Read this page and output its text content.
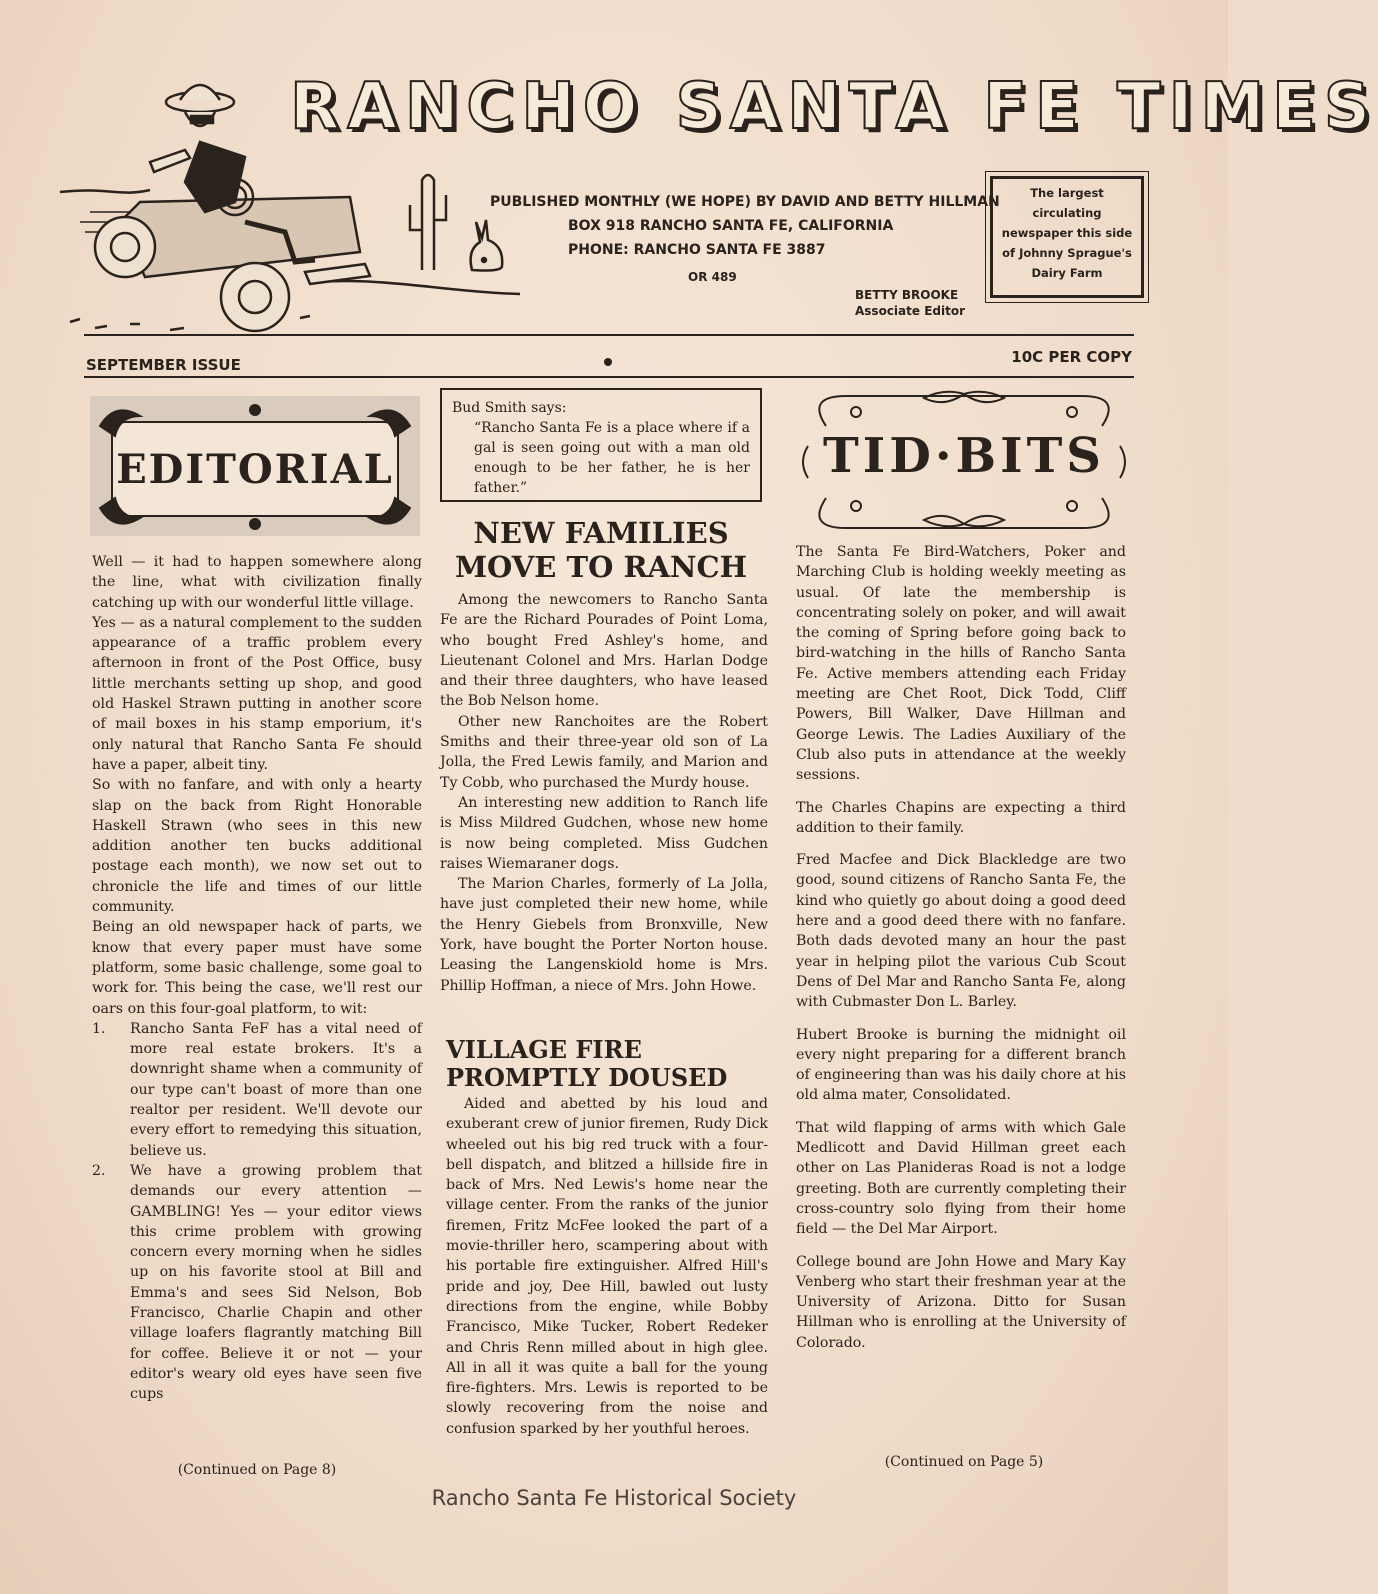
RANCHO SANTA FE TIMES
PUBLISHED MONTHLY (WE HOPE) BY DAVID AND BETTY HILLMAN
BOX 918 RANCHO SANTA FE, CALIFORNIA
PHONE: RANCHO SANTA FE 3887
OR 489
BETTY BROOKE
Associate Editor
The largest circulating newspaper this side of Johnny Sprague's Dairy Farm
SEPTEMBER ISSUE	10C PER COPY
EDITORIAL

Well — it had to happen somewhere along the line, what with civilization finally catching up with our wonderful little village.

Yes — as a natural complement to the sudden appearance of a traffic problem every afternoon in front of the Post Office, busy little merchants setting up shop, and good old Haskel Strawn putting in another score of mail boxes in his stamp emporium, it's only natural that Rancho Santa Fe should have a paper, albeit tiny.

So with no fanfare, and with only a hearty slap on the back from Right Honorable Haskell Strawn (who sees in this new addition another ten bucks additional postage each month), we now set out to chronicle the life and times of our little community.

Being an old newspaper hack of parts, we know that every paper must have some platform, some basic challenge, some goal to work for. This being the case, we'll rest our oars on this four-goal platform, to wit:

1. Rancho Santa FeF has a vital need of more real estate brokers. It's a downright shame when a community of our type can't boast of more than one realtor per resident. We'll devote our every effort to remedying this situation, believe us.
2. We have a growing problem that demands our every attention — GAMBLING! Yes — your editor views this crime problem with growing concern every morning when he sidles up on his favorite stool at Bill and Emma's and sees Sid Nelson, Bob Francisco, Charlie Chapin and other village loafers flagrantly matching Bill for coffee. Believe it or not — your editor's weary old eyes have seen five cups
(Continued on Page 8)
Bud Smith says:
“Rancho Santa Fe is a place where if a gal is seen going out with a man old enough to be her father, he is her father.”
NEW FAMILIES
MOVE TO RANCH

Among the newcomers to Rancho Santa Fe are the Richard Pourades of Point Loma, who bought Fred Ashley's home, and Lieutenant Colonel and Mrs. Harlan Dodge and their three daughters, who have leased the Bob Nelson home.

Other new Ranchoites are the Robert Smiths and their three-year old son of La Jolla, the Fred Lewis family, and Marion and Ty Cobb, who purchased the Murdy house.

An interesting new addition to Ranch life is Miss Mildred Gudchen, whose new home is now being completed. Miss Gudchen raises Wiemaraner dogs.

The Marion Charles, formerly of La Jolla, have just completed their new home, while the Henry Giebels from Bronxville, New York, have bought the Porter Norton house. Leasing the Langenskiold home is Mrs. Phillip Hoffman, a niece of Mrs. John Howe.

VILLAGE FIRE
PROMPTLY DOUSED

Aided and abetted by his loud and exuberant crew of junior firemen, Rudy Dick wheeled out his big red truck with a four-bell dispatch, and blitzed a hillside fire in back of Mrs. Ned Lewis's home near the village center. From the ranks of the junior firemen, Fritz McFee looked the part of a movie-thriller hero, scampering about with his portable fire extinguisher. Alfred Hill's pride and joy, Dee Hill, bawled out lusty directions from the engine, while Bobby Francisco, Mike Tucker, Robert Redeker and Chris Renn milled about in high glee. All in all it was quite a ball for the young fire-fighters. Mrs. Lewis is reported to be slowly recovering from the noise and confusion sparked by her youthful heroes.

TID·BITS

The Santa Fe Bird-Watchers, Poker and Marching Club is holding weekly meeting as usual. Of late the membership is concentrating solely on poker, and will await the coming of Spring before going back to bird-watching in the hills of Rancho Santa Fe. Active members attending each Friday meeting are Chet Root, Dick Todd, Cliff Powers, Bill Walker, Dave Hillman and George Lewis. The Ladies Auxiliary of the Club also puts in attendance at the weekly sessions.

The Charles Chapins are expecting a third addition to their family.

Fred Macfee and Dick Blackledge are two good, sound citizens of Rancho Santa Fe, the kind who quietly go about doing a good deed here and a good deed there with no fanfare. Both dads devoted many an hour the past year in helping pilot the various Cub Scout Dens of Del Mar and Rancho Santa Fe, along with Cubmaster Don L. Barley.

Hubert Brooke is burning the midnight oil every night preparing for a different branch of engineering than was his daily chore at his old alma mater, Consolidated.

That wild flapping of arms with which Gale Medlicott and David Hillman greet each other on Las Planideras Road is not a lodge greeting. Both are currently completing their cross-country solo flying from their home field — the Del Mar Airport.

College bound are John Howe and Mary Kay Venberg who start their freshman year at the University of Arizona. Ditto for Susan Hillman who is enrolling at the University of Colorado.

(Continued on Page 5)
Rancho Santa Fe Historical Society
